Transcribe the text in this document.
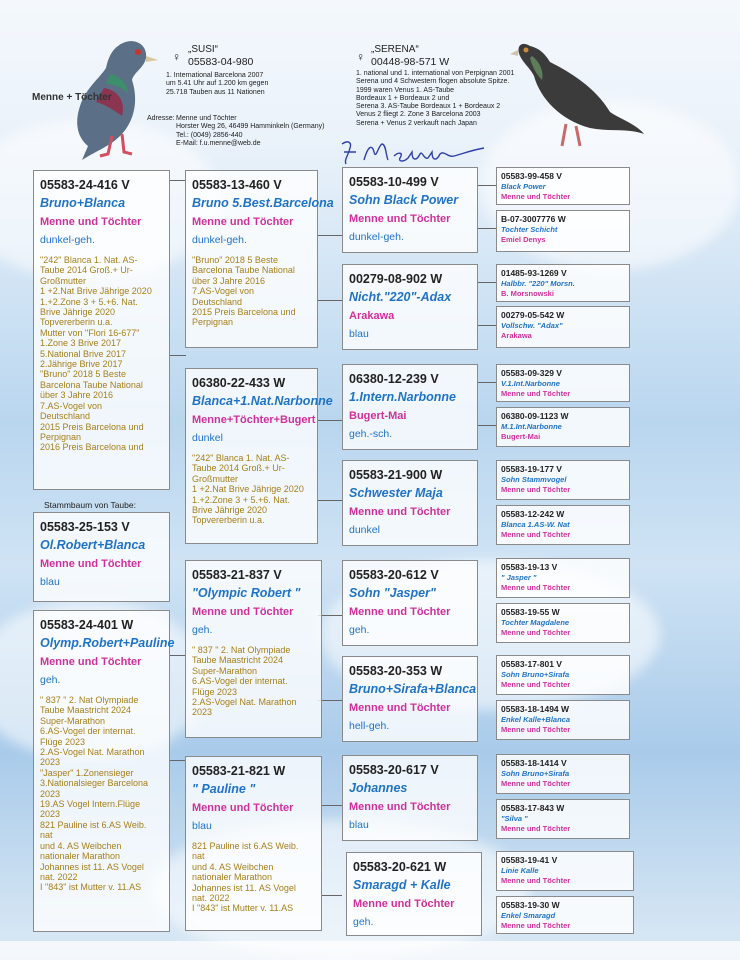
Menne + Töchter
♀
„SUSI“
05583-04-980
1. International Barcelona 2007
um 5.41 Uhr auf 1.200 km gegen
25.718 Tauben aus 11 Nationen
♀
„SERENA“
00448-98-571 W
1. national und 1. international von Perpignan 2001
Serena und 4 Schwestern flogen absolute Spitze.
1999 waren Venus 1. AS-Taube
Bordeaux 1 + Bordeaux 2 und
Serena 3. AS-Taube Bordeaux 1 + Bordeaux 2
Venus 2 fliegt 2. Zone 3 Barcelona 2003
Serena + Venus 2 verkauft nach Japan
Adresse: Menne und Töchter
Horster Weg 26, 46499 Hamminkeln (Germany)
Tel.: (0049) 2856-440
E-Mail: f.u.menne@web.de
05583-24-416 V
Bruno+Blanca
Menne und Töchter
dunkel-geh.
"242" Blanca 1. Nat. AS-
Taube 2014 Groß.+ Ur-
Großmutter
1 +2.Nat Brive Jährige 2020
1.+2.Zone 3 + 5.+6. Nat.
Brive Jährige 2020
Topvererberin u.a.
Mutter von "Flori 16-677"
1.Zone 3 Brive 2017
5.National Brive 2017
2.Jährige Brive 2017
"Bruno" 2018 5 Beste
Barcelona Taube National
über 3 Jahre 2016
7.AS-Vogel von
Deutschland
2015 Preis Barcelona und
Perpignan
2016 Preis Barcelona und
Stammbaum von Taube:
05583-25-153 V
Ol.Robert+Blanca
Menne und Töchter
blau
05583-24-401 W
Olymp.Robert+Pauline
Menne und Töchter
geh.
" 837 " 2. Nat Olympiade
Taube Maastricht 2024
Super-Marathon
6.AS-Vogel der internat.
Flüge 2023
2.AS-Vogel Nat. Marathon
2023
"Jasper" 1.Zonensieger
3.Nationalsieger Barcelona
2023
19.AS Vogel Intern.Flüge
2023
821 Pauline ist 6.AS Weib.
nat
und 4. AS Weibchen
nationaler Marathon
Johannes ist 11. AS Vogel
nat. 2022
I "843" ist Mutter v. 11.AS
05583-13-460 V
Bruno 5.Best.Barcelona
Menne und Töchter
dunkel-geh.
"Bruno" 2018 5 Beste
Barcelona Taube National
über 3 Jahre 2016
7.AS-Vogel von
Deutschland
2015 Preis Barcelona und
Perpignan
06380-22-433 W
Blanca+1.Nat.Narbonne
Menne+Töchter+Bugert
dunkel
"242" Blanca 1. Nat. AS-
Taube 2014 Groß.+ Ur-
Großmutter
1 +2.Nat Brive Jährige 2020
1.+2.Zone 3 + 5.+6. Nat.
Brive Jährige 2020
Topvererberin u.a.
05583-21-837 V
"Olympic Robert "
Menne und Töchter
geh.
" 837 " 2. Nat Olympiade
Taube Maastricht 2024
Super-Marathon
6.AS-Vogel der internat.
Flüge 2023
2.AS-Vogel Nat. Marathon
2023
05583-21-821 W
" Pauline "
Menne und Töchter
blau
821 Pauline ist 6.AS Weib.
nat
und 4. AS Weibchen
nationaler Marathon
Johannes ist 11. AS Vogel
nat. 2022
I "843" ist Mutter v. 11.AS
05583-10-499 V
Sohn Black Power
Menne und Töchter
dunkel-geh.
00279-08-902 W
Nicht."220"-Adax
Arakawa
blau
06380-12-239 V
1.Intern.Narbonne
Bugert-Mai
geh.-sch.
05583-21-900 W
Schwester Maja
Menne und Töchter
dunkel
05583-20-612 V
Sohn "Jasper"
Menne und Töchter
geh.
05583-20-353 W
Bruno+Sirafa+Blanca
Menne und Töchter
hell-geh.
05583-20-617 V
Johannes
Menne und Töchter
blau
05583-20-621 W
Smaragd + Kalle
Menne und Töchter
geh.
05583-99-458 V
Black Power
Menne und Töchter
B-07-3007776 W
Tochter Schicht
Emiel Denys
01485-93-1269 V
Halbbr. "220" Morsn.
B. Morsnowski
00279-05-542 W
Vollschw. "Adax"
Arakawa
05583-09-329 V
V.1.Int.Narbonne
Menne und Töchter
06380-09-1123 W
M.1.Int.Narbonne
Bugert-Mai
05583-19-177 V
Sohn Stammvogel
Menne und Töchter
05583-12-242 W
Blanca 1.AS-W. Nat
Menne und Töchter
05583-19-13 V
" Jasper "
Menne und Töchter
05583-19-55 W
Tochter Magdalene
Menne und Töchter
05583-17-801 V
Sohn Bruno+Sirafa
Menne und Töchter
05583-18-1494 W
Enkel Kalle+Blanca
Menne und Töchter
05583-18-1414 V
Sohn Bruno+Sirafa
Menne und Töchter
05583-17-843 W
"Silva "
Menne und Töchter
05583-19-41 V
Linie Kalle
Menne und Töchter
05583-19-30 W
Enkel Smaragd
Menne und Töchter
